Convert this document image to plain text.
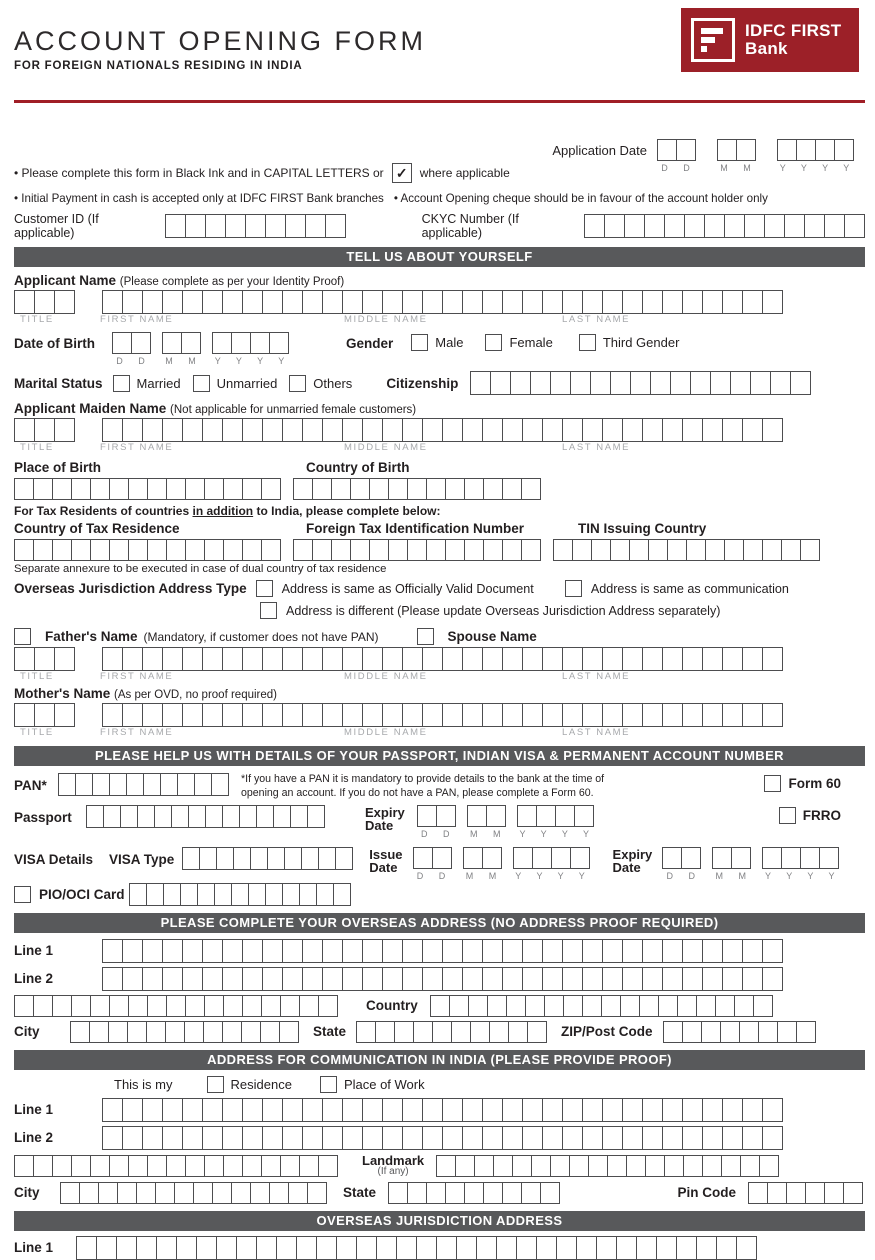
ACCOUNT OPENING FORM
FOR FOREIGN NATIONALS RESIDING IN INDIA
IDFC FIRST
Bank
Application Date
D D	M M	Y Y Y Y
• Please complete this form in Black Ink and in CAPITAL LETTERS or ✓	where applicable
• Initial Payment in cash is accepted only at IDFC FIRST Bank branches • Account Opening cheque should be in favour of the account holder only
Customer ID (If applicable)
CKYC Number (If applicable)
TELL US ABOUT YOURSELF
Applicant Name (Please complete as per your Identity Proof)
TITLE	FIRST NAME	MIDDLE NAME	LAST NAME
Date of Birth
D D M M Y Y Y Y
Gender	Male	Female	Third Gender
Marital Status	Married	Unmarried	Others	Citizenship
Applicant Maiden Name (Not applicable for unmarried female customers)
TITLE	FIRST NAME	MIDDLE NAME	LAST NAME
Place of Birth	Country of Birth
For Tax Residents of countries in addition to India, please complete below:
Country of Tax Residence	Foreign Tax Identification Number	TIN Issuing Country
Separate annexure to be executed in case of dual country of tax residence
Overseas Jurisdiction Address Type	Address is same as Officially Valid Document	Address is same as communication
Address is different (Please update Overseas Jurisdiction Address separately)
Father's Name (Mandatory, if customer does not have PAN)	Spouse Name
TITLE	FIRST NAME	MIDDLE NAME	LAST NAME
Mother's Name (As per OVD, no proof required)
TITLE	FIRST NAME	MIDDLE NAME	LAST NAME
PLEASE HELP US WITH DETAILS OF YOUR PASSPORT, INDIAN VISA & PERMANENT ACCOUNT NUMBER
PAN*	*If you have a PAN it is mandatory to provide details to the bank at the time of
opening an account. If you do not have a PAN, please complete a Form 60.
Form 60
Passport	Expiry
Date
D D M M Y Y Y Y
FRRO
VISA Details VISA Type	Issue
Date
D D M M Y Y Y Y
Expiry
Date
D D M M Y Y Y Y
PIO/OCI Card
PLEASE COMPLETE YOUR OVERSEAS ADDRESS (NO ADDRESS PROOF REQUIRED)
Line 1
Line 2
Country
City	State	ZIP/Post Code
ADDRESS FOR COMMUNICATION IN INDIA (PLEASE PROVIDE PROOF)
This is my	Residence	Place of Work
Line 1
Line 2
Landmark
(If any)
City	State	Pin Code
OVERSEAS JURISDICTION ADDRESS
Line 1
